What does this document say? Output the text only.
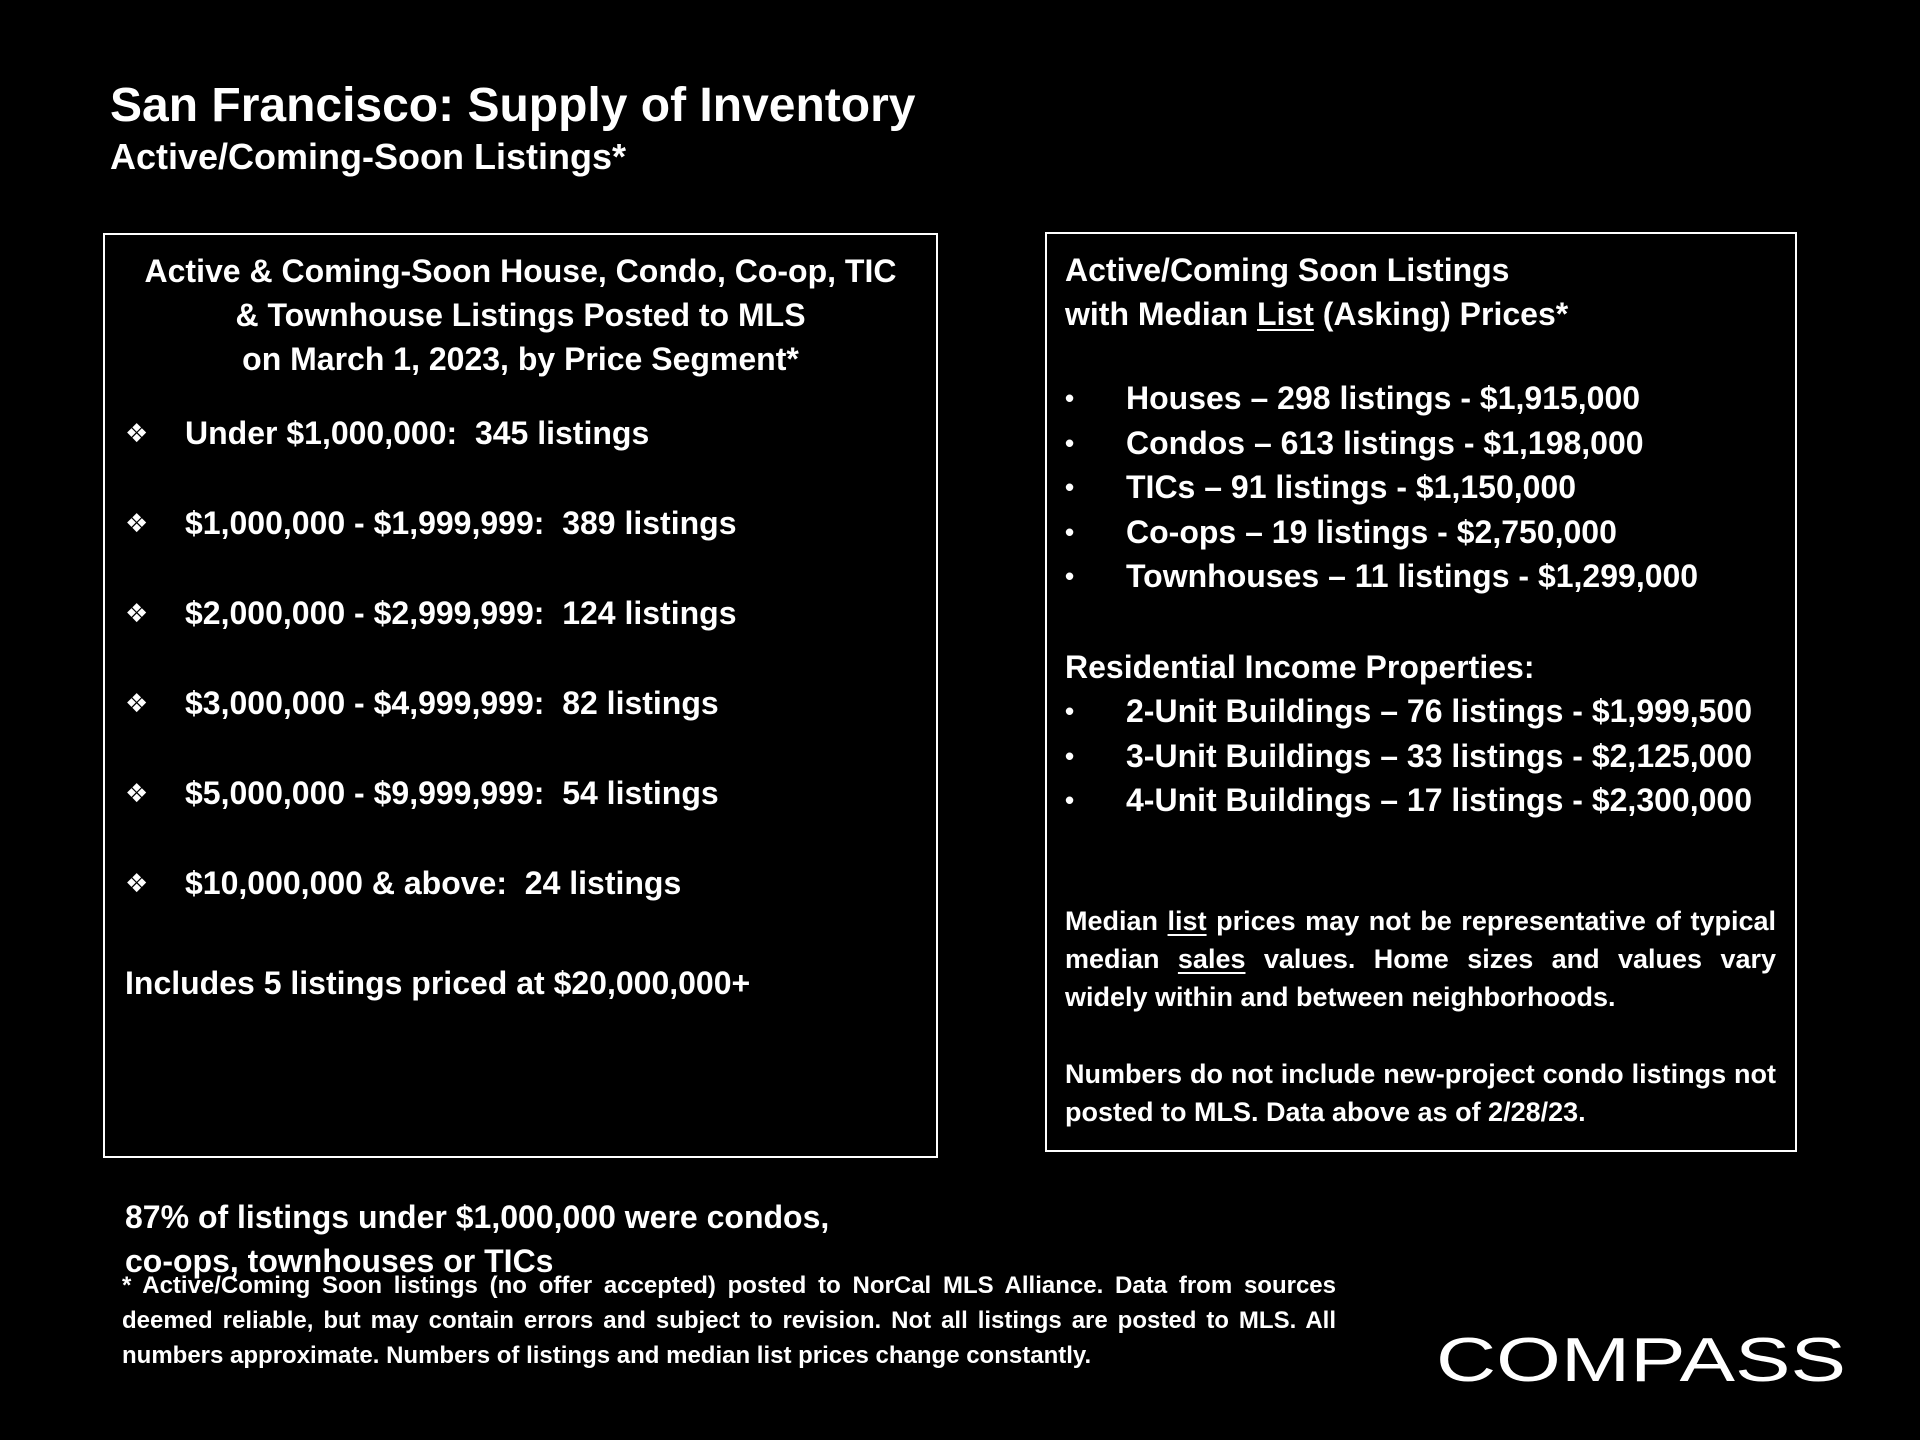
San Francisco: Supply of Inventory
Active/Coming-Soon Listings*
Active & Coming-Soon House, Condo, Co-op, TIC
& Townhouse Listings Posted to MLS
on March 1, 2023, by Price Segment*
❖	Under $1,000,000:
345 listings
❖	$1,000,000 - $1,999,999:
389 listings
❖	$2,000,000 - $2,999,999:
124 listings
❖	$3,000,000 - $4,999,999:
82 listings
❖	$5,000,000 - $9,999,999:
54 listings
❖	$10,000,000 & above:
24 listings
Includes 5 listings priced at $20,000,000+
87% of listings under $1,000,000 were condos,
co-ops, townhouses or TICs
Active/Coming Soon Listings
with Median List (Asking) Prices*
•	Houses – 298 listings - $1,915,000
•	Condos – 613 listings - $1,198,000
•	TICs – 91 listings - $1,150,000
•	Co-ops – 19 listings - $2,750,000
•	Townhouses – 11 listings - $1,299,000
Residential Income Properties:
•	2-Unit Buildings – 76 listings - $1,999,500
•	3-Unit Buildings – 33 listings - $2,125,000
•	4-Unit Buildings – 17 listings - $2,300,000
Median list prices may not be representative of typical median sales values. Home sizes and values vary widely within and between neighborhoods.
Numbers do not include new-project condo listings not posted to MLS. Data above as of 2/28/23.
* Active/Coming Soon listings (no offer accepted) posted to NorCal MLS Alliance. Data from sources deemed reliable, but may contain errors and subject to revision. Not all listings are posted to MLS. All numbers approximate. Numbers of listings and median list prices change constantly.	COMPASS
